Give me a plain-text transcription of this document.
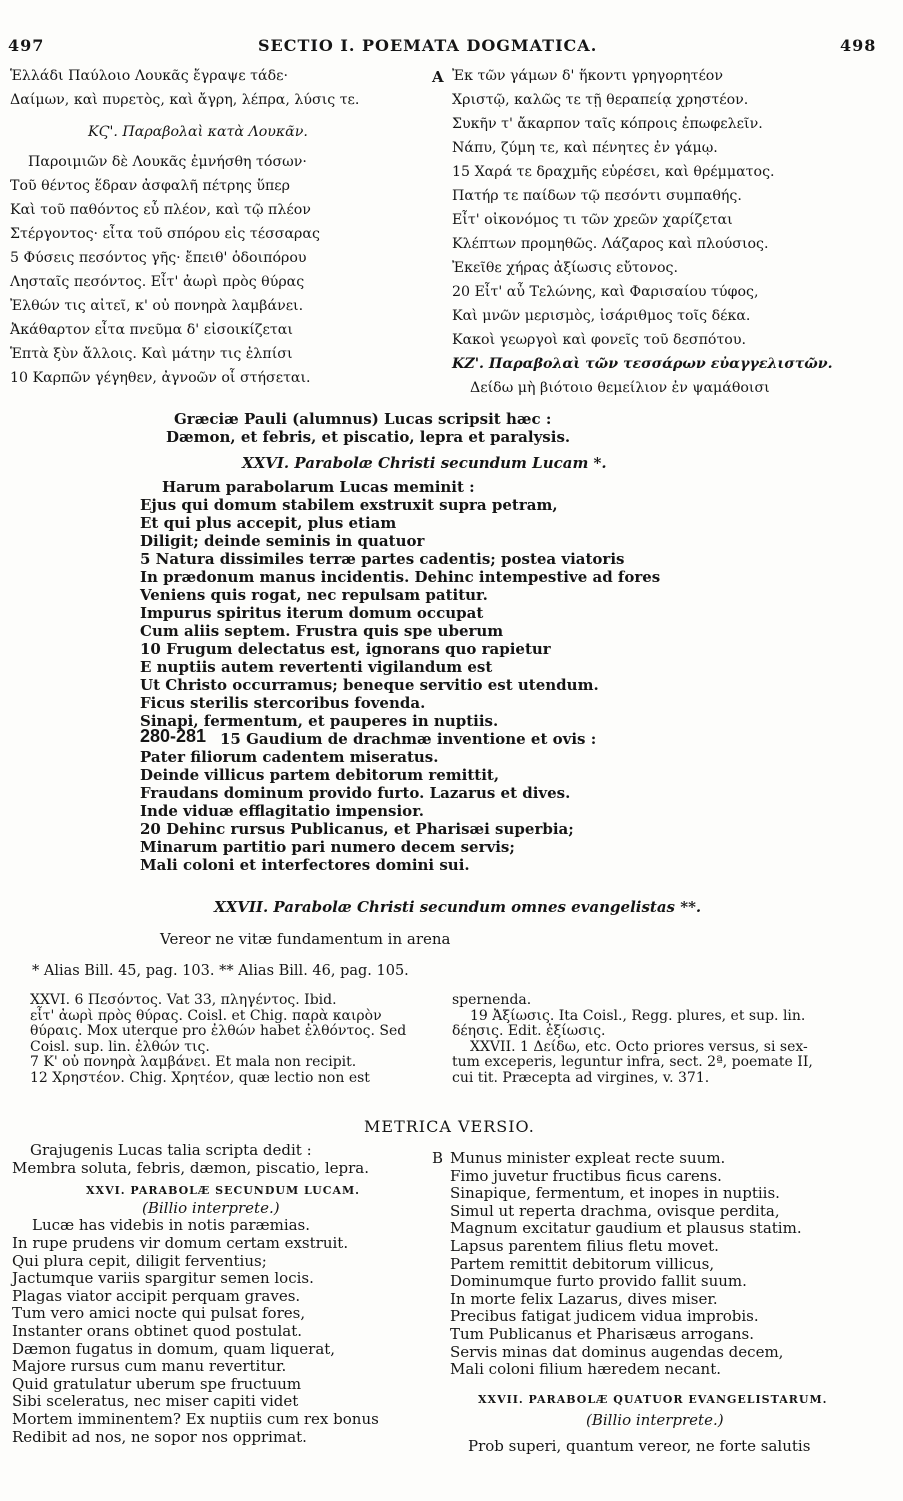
497	SECTIO I. POEMATA DOGMATICA.	498
Ἑλλάδι Παύλοιο Λουκᾶς ἔγραψε τάδε·
Δαίμων, καὶ πυρετὸς, καὶ ἄγρη, λέπρα, λύσις τε.
ΚϚ'. Παραβολαὶ κατὰ Λουκᾶν.
Παροιμιῶν δὲ Λουκᾶς ἐμνήσθη τόσων·
Τοῦ θέντος ἕδραν ἀσφαλῆ πέτρης ὕπερ
Καὶ τοῦ παθόντος εὖ πλέον, καὶ τῷ πλέον
Στέργοντος· εἶτα τοῦ σπόρου εἰς τέσσαρας
5 Φύσεις πεσόντος γῆς· ἔπειθ' ὁδοιπόρου
Λησταῖς πεσόντος. Εἶτ' ἀωρὶ πρὸς θύρας
Ἐλθών τις αἰτεῖ, κ' οὐ πονηρὰ λαμβάνει.
Ἀκάθαρτον εἶτα πνεῦμα δ' εἰσοικίζεται
Ἑπτὰ ξὺν ἄλλοις. Καὶ μάτην τις ἐλπίσι
10 Καρπῶν γέγηθεν, ἀγνοῶν οἷ στήσεται.
A Ἐκ τῶν γάμων δ' ἥκοντι γρηγορητέον
Χριστῷ, καλῶς τε τῇ θεραπείᾳ χρηστέον.
Συκῆν τ' ἄκαρπον ταῖς κόπροις ἐπωφελεῖν.
Νάπυ, ζύμη τε, καὶ πένητες ἐν γάμῳ.
15 Χαρά τε δραχμῆς εὑρέσει, καὶ θρέμματος.
Πατήρ τε παίδων τῷ πεσόντι συμπαθής.
Εἶτ' οἰκονόμος τι τῶν χρεῶν χαρίζεται
Κλέπτων προμηθῶς. Λάζαρος καὶ πλούσιος.
Ἐκεῖθε χήρας ἀξίωσις εὔτονος.
20 Εἶτ' αὖ Τελώνης, καὶ Φαρισαίου τύφος,
Καὶ μνῶν μερισμὸς, ἰσάριθμος τοῖς δέκα.
Κακοὶ γεωργοὶ καὶ φονεῖς τοῦ δεσπότου.
ΚΖ'. Παραβολαὶ τῶν τεσσάρων εὐαγγελιστῶν.
Δείδω μὴ βιότοιο θεμείλιον ἐν ψαμάθοισι
Græciæ Pauli (alumnus) Lucas scripsit hæc :
Dæmon, et febris, et piscatio, lepra et paralysis.
XXVI. Parabolæ Christi secundum Lucam *.
Harum parabolarum Lucas meminit :
Ejus qui domum stabilem exstruxit supra petram,
Et qui plus accepit, plus etiam
Diligit; deinde seminis in quatuor
5 Natura dissimiles terræ partes cadentis; postea viatoris
In prædonum manus incidentis. Dehinc intempestive ad fores
Veniens quis rogat, nec repulsam patitur.
Impurus spiritus iterum domum occupat
Cum aliis septem. Frustra quis spe uberum
10 Frugum delectatus est, ignorans quo rapietur
E nuptiis autem revertenti vigilandum est
Ut Christo occurramus; beneque servitio est utendum.
Ficus sterilis stercoribus fovenda.
Sinapi, fermentum, et pauperes in nuptiis.
280-281 15 Gaudium de drachmæ inventione et ovis :
Pater filiorum cadentem miseratus.
Deinde villicus partem debitorum remittit,
Fraudans dominum provido furto. Lazarus et dives.
Inde viduæ efflagitatio impensior.
20 Dehinc rursus Publicanus, et Pharisæi superbia;
Minarum partitio pari numero decem servis;
Mali coloni et interfectores domini sui.
XXVII. Parabolæ Christi secundum omnes evangelistas **.
Vereor ne vitæ fundamentum in arena
* Alias Bill. 45, pag. 103. ** Alias Bill. 46, pag. 105.
XXVI. 6 Πεσόντος. Vat 33, πληγέντος. Ibid.
εἶτ' ἀωρὶ πρὸς θύρας. Coisl. et Chig. παρὰ καιρὸν
θύραις. Mox uterque pro ἐλθών habet ἐλθόντος. Sed
Coisl. sup. lin. ἐλθών τις.
7 Κ' οὐ πονηρὰ λαμβάνει. Et mala non recipit.
12 Χρηστέον. Chig. Χρητέον, quæ lectio non est
spernenda.
19 Ἀξίωσις. Ita Coisl., Regg. plures, et sup. lin.
δέησις. Edit. ἐξίωσις.
XXVII. 1 Δείδω, etc. Octo priores versus, si sex-
tum exceperis, leguntur infra, sect. 2ª, poemate II,
cui tit. Præcepta ad virgines, v. 371.
METRICA VERSIO.
Grajugenis Lucas talia scripta dedit :
Membra soluta, febris, dæmon, piscatio, lepra.
XXVI. PARABOLÆ SECUNDUM LUCAM.
(Billio interprete.)
Lucæ has videbis in notis paræmias.
In rupe prudens vir domum certam exstruit.
Qui plura cepit, diligit ferventius;
Jactumque variis spargitur semen locis.
Plagas viator accipit perquam graves.
Tum vero amici nocte qui pulsat fores,
Instanter orans obtinet quod postulat.
Dæmon fugatus in domum, quam liquerat,
Majore rursus cum manu revertitur.
Quid gratulatur uberum spe fructuum
Sibi sceleratus, nec miser capiti videt
Mortem imminentem? Ex nuptiis cum rex bonus
Redibit ad nos, ne sopor nos opprimat.
B Munus minister expleat recte suum.
Fimo juvetur fructibus ficus carens.
Sinapique, fermentum, et inopes in nuptiis.
Simul ut reperta drachma, ovisque perdita,
Magnum excitatur gaudium et plausus statim.
Lapsus parentem filius fletu movet.
Partem remittit debitorum villicus,
Dominumque furto provido fallit suum.
In morte felix Lazarus, dives miser.
Precibus fatigat judicem vidua improbis.
Tum Publicanus et Pharisæus arrogans.
Servis minas dat dominus augendas decem,
Mali coloni filium hæredem necant.
XXVII. PARABOLÆ QUATUOR EVANGELISTARUM.
(Billio interprete.)
Prob superi, quantum vereor, ne forte salutis
